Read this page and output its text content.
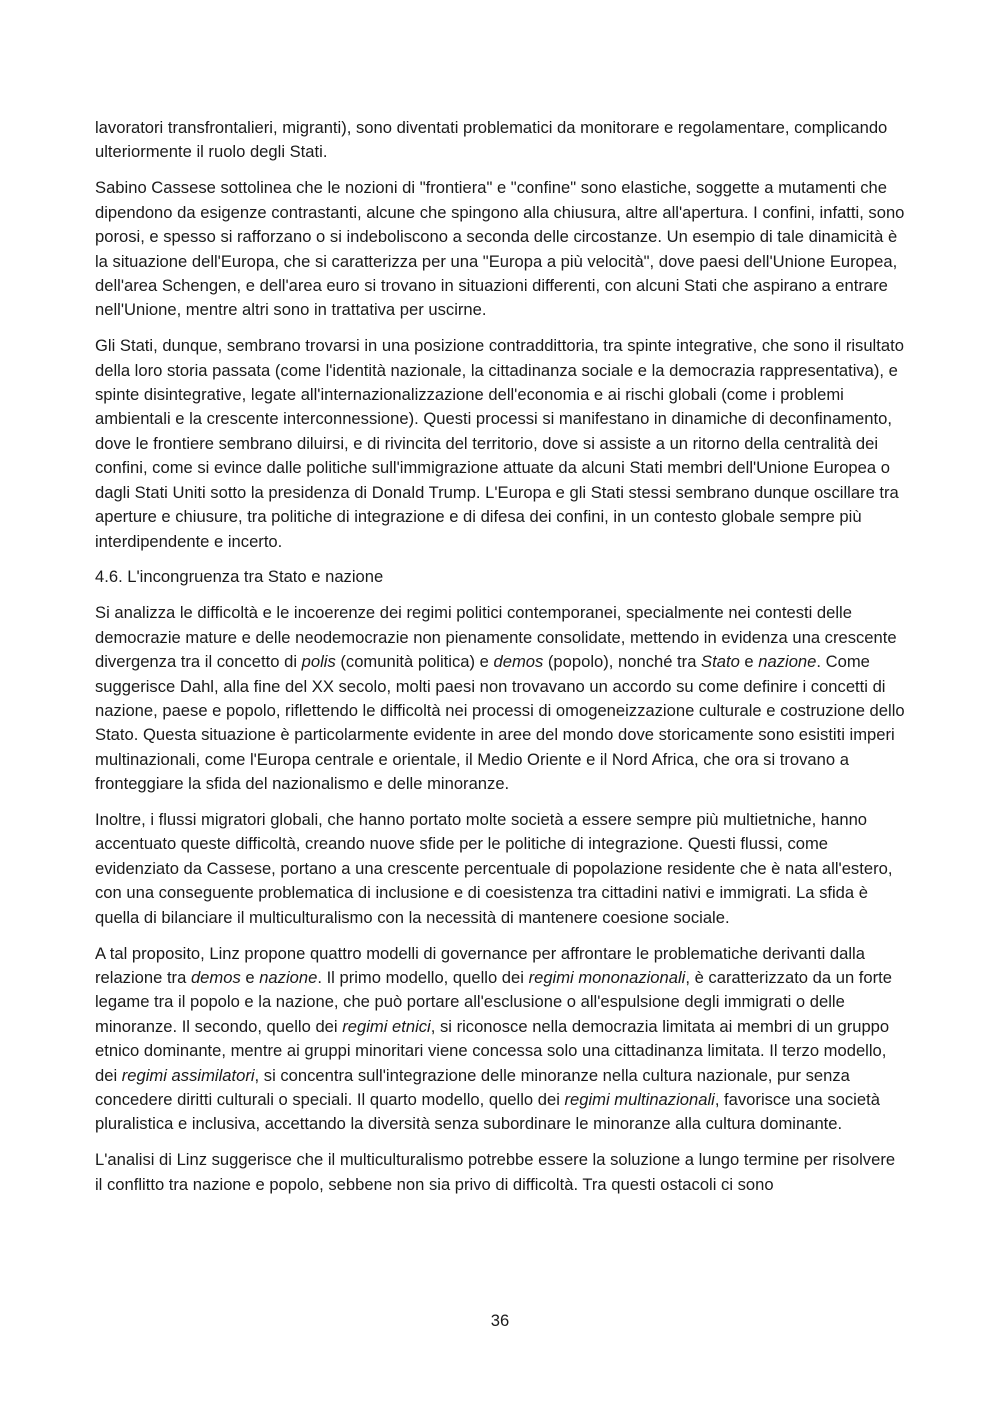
lavoratori transfrontalieri, migranti), sono diventati problematici da monitorare e regolamentare, complicando ulteriormente il ruolo degli Stati.

Sabino Cassese sottolinea che le nozioni di "frontiera" e "confine" sono elastiche, soggette a mutamenti che dipendono da esigenze contrastanti, alcune che spingono alla chiusura, altre all'apertura. I confini, infatti, sono porosi, e spesso si rafforzano o si indeboliscono a seconda delle circostanze. Un esempio di tale dinamicità è la situazione dell'Europa, che si caratterizza per una "Europa a più velocità", dove paesi dell'Unione Europea, dell'area Schengen, e dell'area euro si trovano in situazioni differenti, con alcuni Stati che aspirano a entrare nell'Unione, mentre altri sono in trattativa per uscirne.

Gli Stati, dunque, sembrano trovarsi in una posizione contraddittoria, tra spinte integrative, che sono il risultato della loro storia passata (come l'identità nazionale, la cittadinanza sociale e la democrazia rappresentativa), e spinte disintegrative, legate all'internazionalizzazione dell'economia e ai rischi globali (come i problemi ambientali e la crescente interconnessione). Questi processi si manifestano in dinamiche di deconfinamento, dove le frontiere sembrano diluirsi, e di rivincita del territorio, dove si assiste a un ritorno della centralità dei confini, come si evince dalle politiche sull'immigrazione attuate da alcuni Stati membri dell'Unione Europea o dagli Stati Uniti sotto la presidenza di Donald Trump. L'Europa e gli Stati stessi sembrano dunque oscillare tra aperture e chiusure, tra politiche di integrazione e di difesa dei confini, in un contesto globale sempre più interdipendente e incerto.

4.6. L'incongruenza tra Stato e nazione

Si analizza le difficoltà e le incoerenze dei regimi politici contemporanei, specialmente nei contesti delle democrazie mature e delle neodemocrazie non pienamente consolidate, mettendo in evidenza una crescente divergenza tra il concetto di polis (comunità politica) e demos (popolo), nonché tra Stato e nazione. Come suggerisce Dahl, alla fine del XX secolo, molti paesi non trovavano un accordo su come definire i concetti di nazione, paese e popolo, riflettendo le difficoltà nei processi di omogeneizzazione culturale e costruzione dello Stato. Questa situazione è particolarmente evidente in aree del mondo dove storicamente sono esistiti imperi multinazionali, come l'Europa centrale e orientale, il Medio Oriente e il Nord Africa, che ora si trovano a fronteggiare la sfida del nazionalismo e delle minoranze.

Inoltre, i flussi migratori globali, che hanno portato molte società a essere sempre più multietniche, hanno accentuato queste difficoltà, creando nuove sfide per le politiche di integrazione. Questi flussi, come evidenziato da Cassese, portano a una crescente percentuale di popolazione residente che è nata all'estero, con una conseguente problematica di inclusione e di coesistenza tra cittadini nativi e immigrati. La sfida è quella di bilanciare il multiculturalismo con la necessità di mantenere coesione sociale.

A tal proposito, Linz propone quattro modelli di governance per affrontare le problematiche derivanti dalla relazione tra demos e nazione. Il primo modello, quello dei regimi mononazionali, è caratterizzato da un forte legame tra il popolo e la nazione, che può portare all'esclusione o all'espulsione degli immigrati o delle minoranze. Il secondo, quello dei regimi etnici, si riconosce nella democrazia limitata ai membri di un gruppo etnico dominante, mentre ai gruppi minoritari viene concessa solo una cittadinanza limitata. Il terzo modello, dei regimi assimilatori, si concentra sull'integrazione delle minoranze nella cultura nazionale, pur senza concedere diritti culturali o speciali. Il quarto modello, quello dei regimi multinazionali, favorisce una società pluralistica e inclusiva, accettando la diversità senza subordinare le minoranze alla cultura dominante.

L'analisi di Linz suggerisce che il multiculturalismo potrebbe essere la soluzione a lungo termine per risolvere il conflitto tra nazione e popolo, sebbene non sia privo di difficoltà. Tra questi ostacoli ci sono

36
